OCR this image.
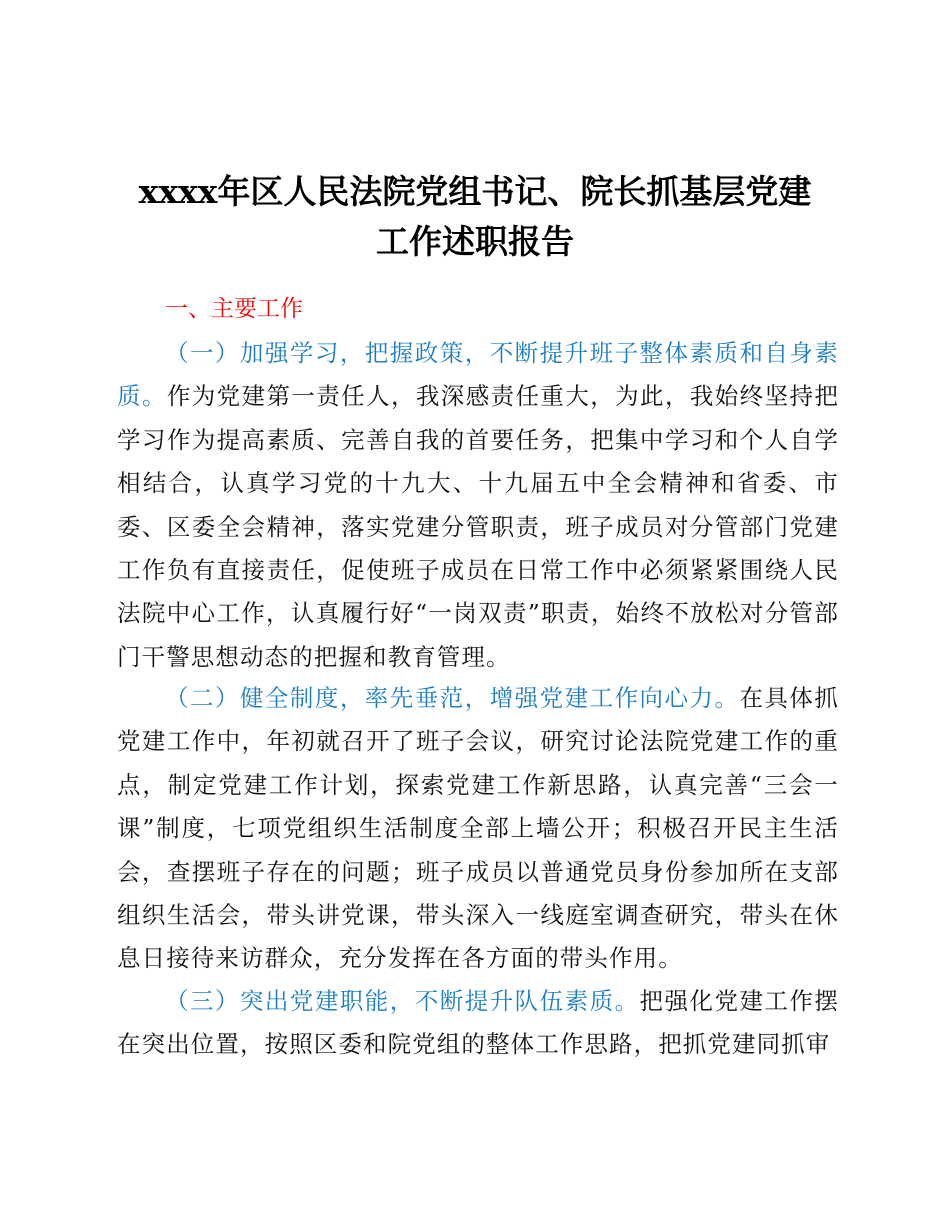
xxxx年区人民法院党组书记、院长抓基层党建
工作述职报告
一、主要工作

（一）加强学习，把握政策，不断提升班子整体素质和自身素质。作为党建第一责任人，我深感责任重大，为此，我始终坚持把学习作为提高素质、完善自我的首要任务，把集中学习和个人自学相结合，认真学习党的十九大、十九届五中全会精神和省委、市委、区委全会精神，落实党建分管职责，班子成员对分管部门党建工作负有直接责任，促使班子成员在日常工作中必须紧紧围绕人民法院中心工作，认真履行好“一岗双责”职责，始终不放松对分管部门干警思想动态的把握和教育管理。

（二）健全制度，率先垂范，增强党建工作向心力。在具体抓党建工作中，年初就召开了班子会议，研究讨论法院党建工作的重点，制定党建工作计划，探索党建工作新思路，认真完善“三会一课”制度，七项党组织生活制度全部上墙公开；积极召开民主生活会，查摆班子存在的问题；班子成员以普通党员身份参加所在支部组织生活会，带头讲党课，带头深入一线庭室调查研究，带头在休息日接待来访群众，充分发挥在各方面的带头作用。

（三）突出党建职能，不断提升队伍素质。把强化党建工作摆在突出位置，按照区委和院党组的整体工作思路，把抓党建同抓审
